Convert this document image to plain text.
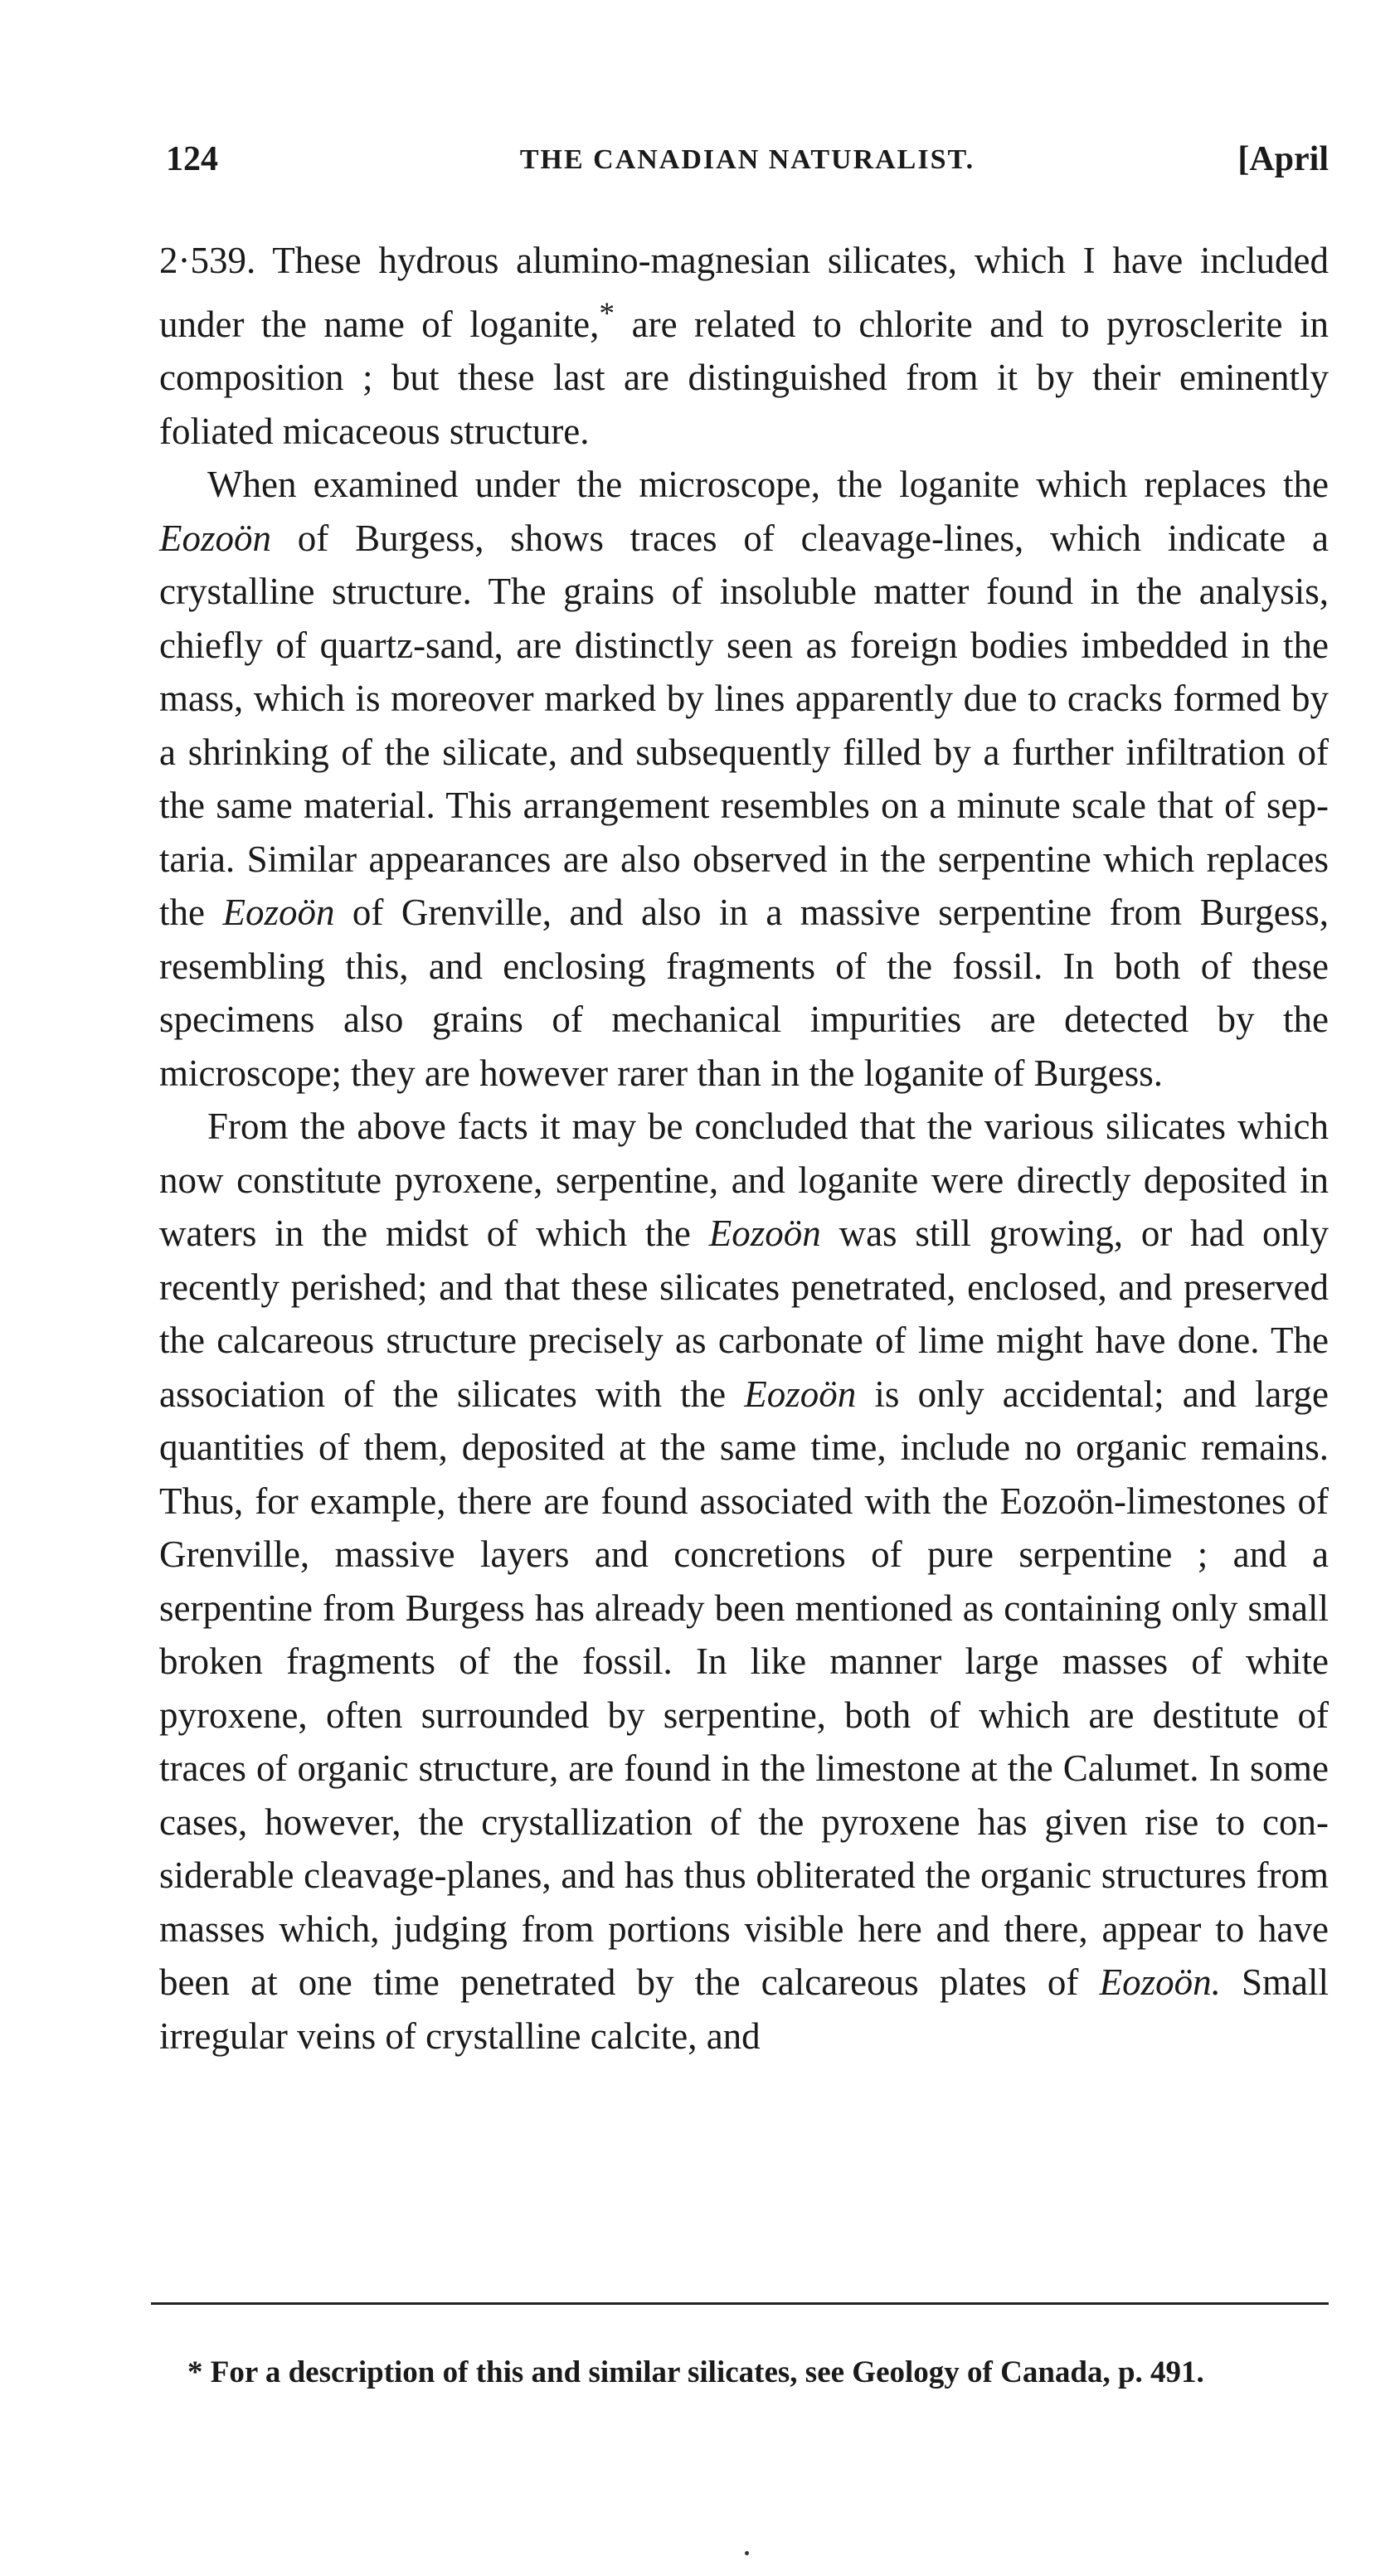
124	THE CANADIAN NATURALIST.	[April

2·539. These hydrous alumino-magnesian silicates, which I have included under the name of loganite,* are related to chlorite and to pyrosclerite in composition ; but these last are distinguished from it by their eminently foliated micaceous structure.

When examined under the microscope, the loganite which replaces the Eozoön of Burgess, shows traces of cleavage-lines, which indicate a crystalline structure. The grains of insoluble matter found in the analysis, chiefly of quartz-sand, are distinctly seen as foreign bodies imbedded in the mass, which is moreover marked by lines apparently due to cracks formed by a shrinking of the silicate, and subsequently filled by a further infiltration of the same material. This arrangement resembles on a minute scale that of septaria. Similar appearances are also observed in the serpentine which replaces the Eozoön of Grenville, and also in a massive serpentine from Burgess, resembling this, and enclosing fragments of the fossil. In both of these specimens also grains of mechanical impurities are detected by the microscope; they are however rarer than in the loganite of Burgess.

From the above facts it may be concluded that the various silicates which now constitute pyroxene, serpentine, and loganite were directly deposited in waters in the midst of which the Eozoön was still growing, or had only recently perished; and that these silicates penetrated, enclosed, and preserved the calcareous structure precisely as carbonate of lime might have done. The association of the silicates with the Eozoön is only accidental; and large quantities of them, deposited at the same time, include no organic remains. Thus, for example, there are found associated with the Eozoön-limestones of Grenville, massive layers and concretions of pure serpentine ; and a serpentine from Burgess has already been mentioned as containing only small broken fragments of the fossil. In like manner large masses of white pyroxene, often surrounded by serpentine, both of which are destitute of traces of organic structure, are found in the limestone at the Calumet. In some cases, however, the crystallization of the pyroxene has given rise to considerable cleavage-planes, and has thus obliterated the organic structures from masses which, judging from portions visible here and there, appear to have been at one time penetrated by the calcareous plates of Eozoön. Small irregular veins of crystalline calcite, and

* For a description of this and similar silicates, see Geology of Canada, p. 491.
